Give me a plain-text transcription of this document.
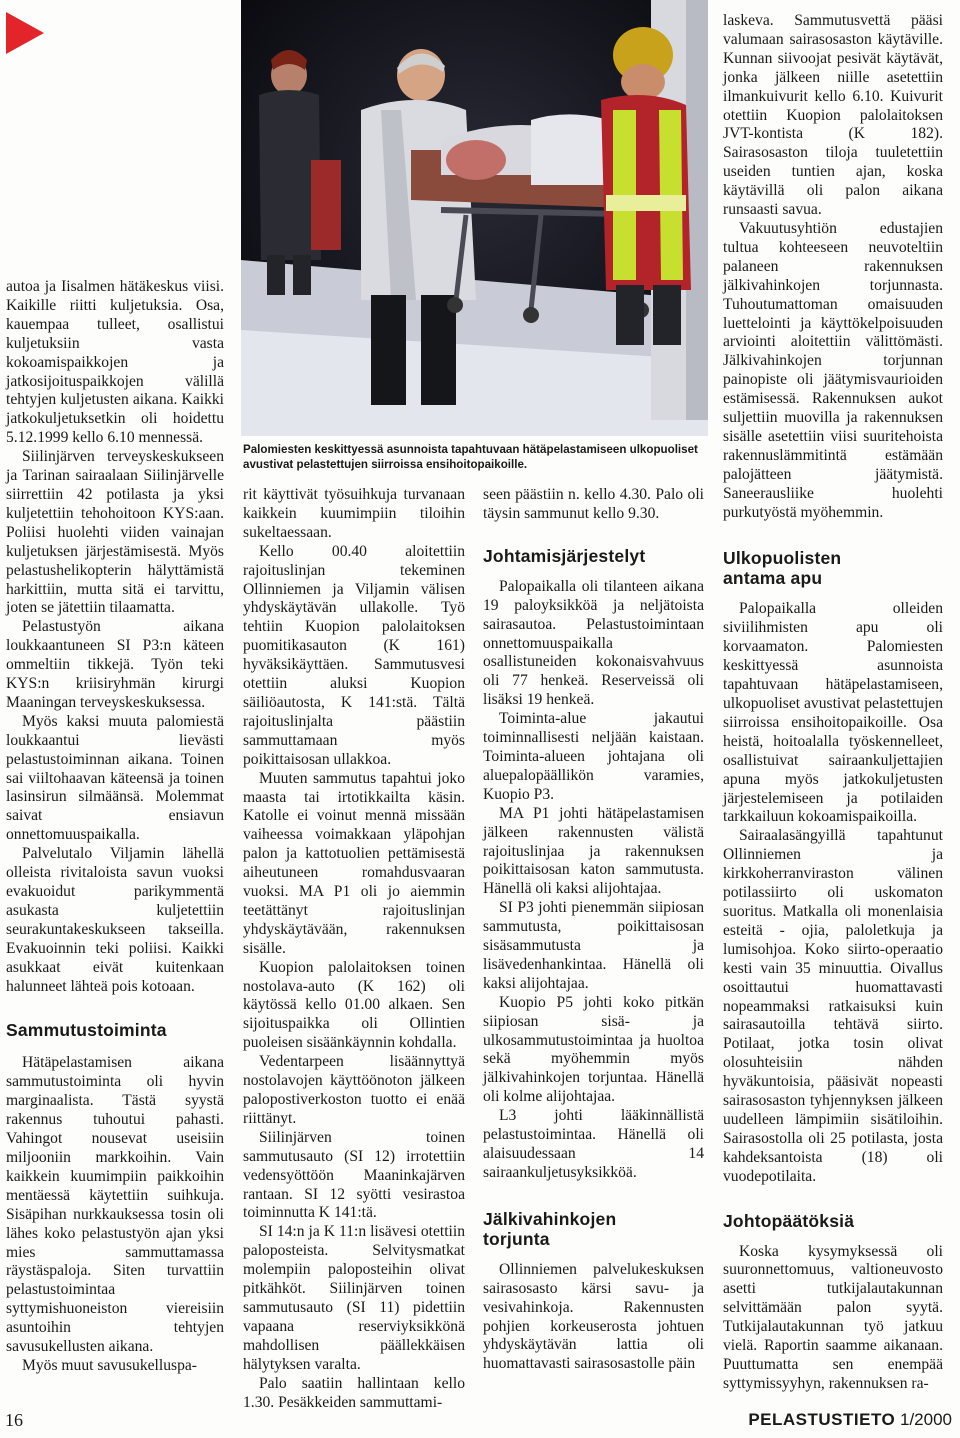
Palomiesten keskittyessä asunnoista tapahtuvaan hätäpelastamiseen ulkopuoliset avustivat pelastettujen siirroissa ensihoitopaikoille.

autoa ja Iisalmen hätäkeskus viisi. Kaikille riitti kuljetuksia. Osa, kauempaa tulleet, osallistui kuljetuksiin vasta kokoamispaikkojen ja jatkosijoituspaikkojen välillä tehtyjen kuljetusten aikana. Kaikki jatkokuljetuksetkin oli hoidettu 5.12.1999 kello 6.10 mennessä.

Siilinjärven terveyskeskukseen ja Tarinan sairaalaan Siilinjärvelle siirrettiin 42 potilasta ja yksi kuljetettiin tehohoitoon KYS:aan. Poliisi huolehti viiden vainajan kuljetuksen järjestämisestä. Myös pelastushelikopterin hälyttämistä harkittiin, mutta sitä ei tarvittu, joten se jätettiin tilaamatta.

Pelastustyön aikana loukkaantuneen SI P3:n käteen ommeltiin tikkejä. Työn teki KYS:n kriisiryhmän kirurgi Maaningan terveyskeskuksessa.

Myös kaksi muuta palomiestä loukkaantui lievästi pelastustoiminnan aikana. Toinen sai viiltohaavan käteensä ja toinen lasinsirun silmäänsä. Molemmat saivat ensiavun onnettomuuspaikalla.

Palvelutalo Viljamin lähellä olleista rivitaloista savun vuoksi evakuoidut parikymmentä asukasta kuljetettiin seurakuntakeskukseen takseilla. Evakuoinnin teki poliisi. Kaikki asukkaat eivät kuitenkaan halunneet lähteä pois kotoaan.

Sammutustoiminta

Hätäpelastamisen aikana sammutustoiminta oli hyvin marginaalista. Tästä syystä rakennus tuhoutui pahasti. Vahingot nousevat useisiin miljooniin markkoihin. Vain kaikkein kuumimpiin paikkoihin mentäessä käytettiin suihkuja. Sisäpihan nurkkauksessa tosin oli lähes koko pelastustyön ajan yksi mies sammuttamassa räystäspaloja. Siten turvattiin pelastustoimintaa syttymishuoneiston viereisiin asuntoihin tehtyjen savusukellusten aikana.

Myös muut savusukelluspa-

rit käyttivät työsuihkuja turvanaan kaikkein kuumimpiin tiloihin sukeltaessaan.

Kello 00.40 aloitettiin rajoituslinjan tekeminen Ollinniemen ja Viljamin välisen yhdyskäytävän ullakolle. Työ tehtiin Kuopion palolaitoksen puomitikasauton (K 161) hyväksikäyttäen. Sammutusvesi otettiin aluksi Kuopion säiliöautosta, K 141:stä. Tältä rajoituslinjalta päästiin sammuttamaan myös poikittaisosan ullakkoa.

Muuten sammutus tapahtui joko maasta tai irtotikkailta käsin. Katolle ei voinut mennä missään vaiheessa voimakkaan yläpohjan palon ja kattotuolien pettämisestä aiheutuneen romahdusvaaran vuoksi. MA P1 oli jo aiemmin teetättänyt rajoituslinjan yhdyskäytävään, rakennuksen sisälle.

Kuopion palolaitoksen toinen nostolava-auto (K 162) oli käytössä kello 01.00 alkaen. Sen sijoituspaikka oli Ollintien puoleisen sisäänkäynnin kohdalla.

Vedentarpeen lisäännyttyä nostolavojen käyttöönoton jälkeen palopostiverkoston tuotto ei enää riittänyt.

Siilinjärven toinen sammutusauto (SI 12) irrotettiin vedensyöttöön Maaninkajärven rantaan. SI 12 syötti vesirastoa toiminnutta K 141:tä.

SI 14:n ja K 11:n lisävesi otettiin paloposteista. Selvitysmatkat molempiin paloposteihin olivat pitkähköt. Siilinjärven toinen sammutusauto (SI 11) pidettiin vapaana reserviyksikkönä mahdollisen päällekkäisen hälytyksen varalta.

Palo saatiin hallintaan kello 1.30. Pesäkkeiden sammuttami-

seen päästiin n. kello 4.30. Palo oli täysin sammunut kello 9.30.

Johtamisjärjestelyt

Palopaikalla oli tilanteen aikana 19 paloyksikköä ja neljätoista sairasautoa. Pelastustoimintaan onnettomuuspaikalla osallistuneiden kokonaisvahvuus oli 77 henkeä. Reserveissä oli lisäksi 19 henkeä.

Toiminta-alue jakautui toiminnallisesti neljään kaistaan. Toiminta-alueen johtajana oli aluepalopäällikön varamies, Kuopio P3.

MA P1 johti hätäpelastamisen jälkeen rakennusten välistä rajoituslinjaa ja rakennuksen poikittaisosan katon sammutusta. Hänellä oli kaksi alijohtajaa.

SI P3 johti pienemmän siipiosan sammutusta, poikittaisosan sisäsammutusta ja lisävedenhankintaa. Hänellä oli kaksi alijohtajaa.

Kuopio P5 johti koko pitkän siipiosan sisä- ja ulkosammutustoimintaa ja huoltoa sekä myöhemmin myös jälkivahinkojen torjuntaa. Hänellä oli kolme alijohtajaa.

L3 johti lääkinnällistä pelastustoimintaa. Hänellä oli alaisuudessaan 14 sairaankuljetusyksikköä.

Jälkivahinkojen torjunta

Ollinniemen palvelukeskuksen sairasosasto kärsi savu- ja vesivahinkoja. Rakennusten pohjien korkeuserosta johtuen yhdyskäytävän lattia oli huomattavasti sairasosastolle päin

laskeva. Sammutusvettä pääsi valumaan sairasosaston käytäville. Kunnan siivoojat pesivät käytävät, jonka jälkeen niille asetettiin ilmankuivurit kello 6.10. Kuivurit otettiin Kuopion palolaitoksen JVT-kontista (K 182). Sairasosaston tiloja tuuletettiin useiden tuntien ajan, koska käytävillä oli palon aikana runsaasti savua.

Vakuutusyhtiön edustajien tultua kohteeseen neuvoteltiin palaneen rakennuksen jälkivahinkojen torjunnasta. Tuhoutumattoman omaisuuden luettelointi ja käyttökelpoisuuden arviointi aloitettiin välittömästi. Jälkivahinkojen torjunnan painopiste oli jäätymisvaurioiden estämisessä. Rakennuksen aukot suljettiin muovilla ja rakennuksen sisälle asetettiin viisi suuritehoista rakennuslämmitintä estämään palojätteen jäätymistä. Saneerausliike huolehti purkutyöstä myöhemmin.

Ulkopuolisten antama apu

Palopaikalla olleiden siviilihmisten apu oli korvaamaton. Palomiesten keskittyessä asunnoista tapahtuvaan hätäpelastamiseen, ulkopuoliset avustivat pelastettujen siirroissa ensihoitopaikoille. Osa heistä, hoitoalalla työskennelleet, osallistuivat sairaankuljettajien apuna myös jatkokuljetusten järjestelemiseen ja potilaiden tarkkailuun kokoamispaikoilla.

Sairaalasängyillä tapahtunut Ollinniemen ja kirkkoherranviraston välinen potilassiirto oli uskomaton suoritus. Matkalla oli monenlaisia esteitä - ojia, paloletkuja ja lumisohjoa. Koko siirto-operaatio kesti vain 35 minuuttia. Oivallus osoittautui huomattavasti nopeammaksi ratkaisuksi kuin sairasautoilla tehtävä siirto. Potilaat, jotka tosin olivat olosuhteisiin nähden hyväkuntoisia, pääsivät nopeasti sairasosaston tyhjennyksen jälkeen uudelleen lämpimiin sisätiloihin. Sairasostolla oli 25 potilasta, josta kahdeksantoista (18) oli vuodepotilaita.

Johtopäätöksiä

Koska kysymyksessä oli suuronnettomuus, valtioneuvosto asetti tutkijalautakunnan selvittämään palon syytä. Tutkijalautakunnan työ jatkuu vielä. Raportin saamme aikanaan. Puuttumatta sen enempää syttymissyyhyn, rakennuksen ra-

16	PELASTUSTIETO 1/2000
